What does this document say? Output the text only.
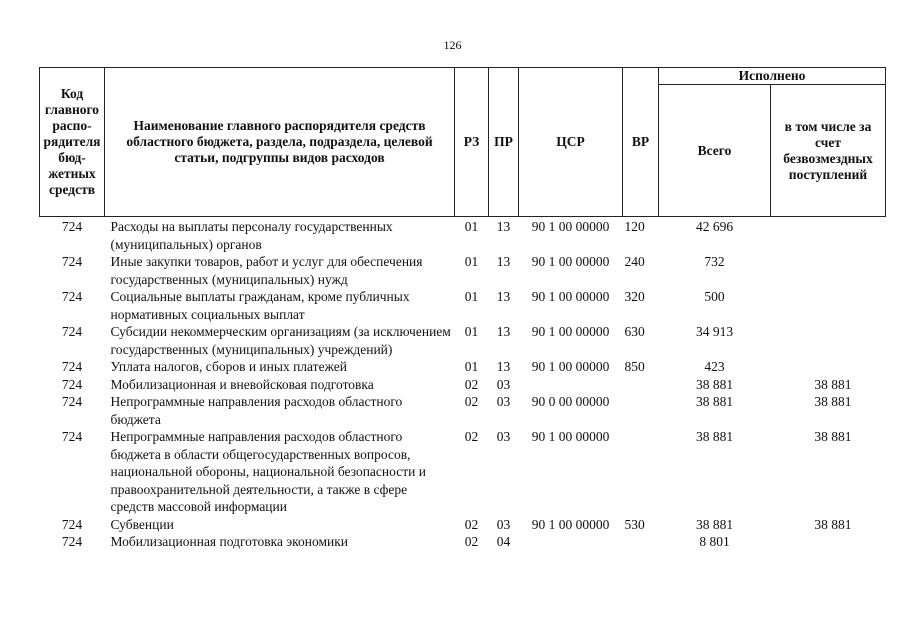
126
Код главного распо-рядителя бюд-жетных средств	Наименование главного распорядителя средств областного бюджета, раздела, подраздела, целевой статьи, подгруппы видов расходов	РЗ	ПР	ЦСР	ВР	Исполнено	
						Всего	в том числе за счет безвозмездных поступлений
724	Расходы на выплаты персоналу государственных (муниципальных) органов	01	13	90 1 00 00000	120	42 696	
724	Иные закупки товаров, работ и услуг для обеспечения государственных (муниципальных) нужд	01	13	90 1 00 00000	240	732	
724	Социальные выплаты гражданам, кроме публичных нормативных социальных выплат	01	13	90 1 00 00000	320	500	
724	Субсидии некоммерческим организациям (за исключением государственных (муниципальных) учреждений)	01	13	90 1 00 00000	630	34 913	
724	Уплата налогов, сборов и иных платежей	01	13	90 1 00 00000	850	423	
724	Мобилизационная и вневойсковая подготовка	02	03			38 881	38 881
724	Непрограммные направления расходов областного бюджета	02	03	90 0 00 00000		38 881	38 881
724	Непрограммные направления расходов областного бюджета в области общегосударственных вопросов, национальной обороны, национальной безопасности и правоохранительной деятельности, а также в сфере средств массовой информации	02	03	90 1 00 00000		38 881	38 881
724	Субвенции	02	03	90 1 00 00000	530	38 881	38 881
724	Мобилизационная подготовка экономики	02	04			8 801	
